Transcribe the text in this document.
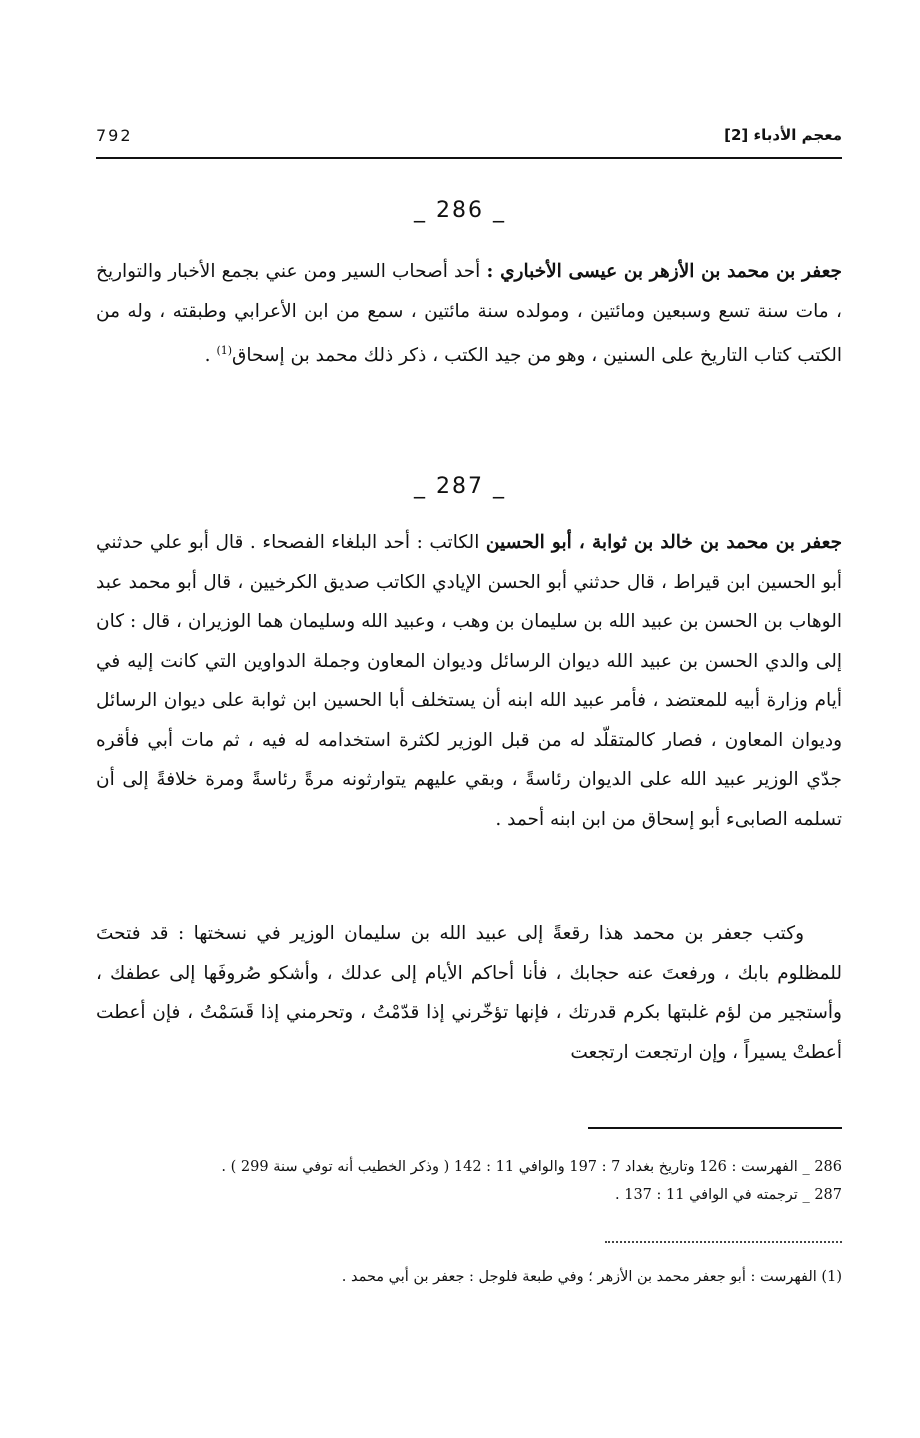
معجم الأدباء [2]
792
_ 286 _
جعفر بن محمد بن الأزهر بن عيسى الأخباري : أحد أصحاب السير ومن عني بجمع الأخبار والتواريخ ، مات سنة تسع وسبعين ومائتين ، ومولده سنة مائتين ، سمع من ابن الأعرابي وطبقته ، وله من الكتب كتاب التاريخ على السنين ، وهو من جيد الكتب ، ذكر ذلك محمد بن إسحاق$^{(1)}$ .
_ 287 _
جعفر بن محمد بن خالد بن ثوابة ، أبو الحسين الكاتب : أحد البلغاء الفصحاء . قال أبو علي حدثني أبو الحسين ابن قيراط ، قال حدثني أبو الحسن الإيادي الكاتب صديق الكرخيين ، قال أبو محمد عبد الوهاب بن الحسن بن عبيد الله بن سليمان بن وهب ، وعبيد الله وسليمان هما الوزيران ، قال : كان إلى والدي الحسن بن عبيد الله ديوان الرسائل وديوان المعاون وجملة الدواوين التي كانت إليه في أيام وزارة أبيه للمعتضد ، فأمر عبيد الله ابنه أن يستخلف أبا الحسين ابن ثوابة على ديوان الرسائل وديوان المعاون ، فصار كالمتقلّد له من قبل الوزير لكثرة استخدامه له فيه ، ثم مات أبي فأقره جدّي الوزير عبيد الله على الديوان رئاسةً ، وبقي عليهم يتوارثونه مرةً رئاسةً ومرة خلافةً إلى أن تسلمه الصابىء أبو إسحاق من ابن ابنه أحمد .
وكتب جعفر بن محمد هذا رقعةً إلى عبيد الله بن سليمان الوزير في نسختها : قد فتحتَ للمظلوم بابك ، ورفعتَ عنه حجابك ، فأنا أحاكم الأيام إلى عدلك ، وأشكو صُروفَها إلى عطفك ، وأستجير من لؤم غلبتها بكرم قدرتك ، فإنها تؤخّرني إذا قدّمْتُ ، وتحرمني إذا قَسَمْتُ ، فإن أعطت أعطتْ يسيراً ، وإن ارتجعت ارتجعت
286 _ الفهرست : 126 وتاريخ بغداد 7 : 197 والوافي 11 : 142 ( وذكر الخطيب أنه توفي سنة 299 ) .
287 _ ترجمته في الوافي 11 : 137 .
(1) الفهرست : أبو جعفر محمد بن الأزهر ؛ وفي طبعة فلوجل : جعفر بن أبي محمد .
